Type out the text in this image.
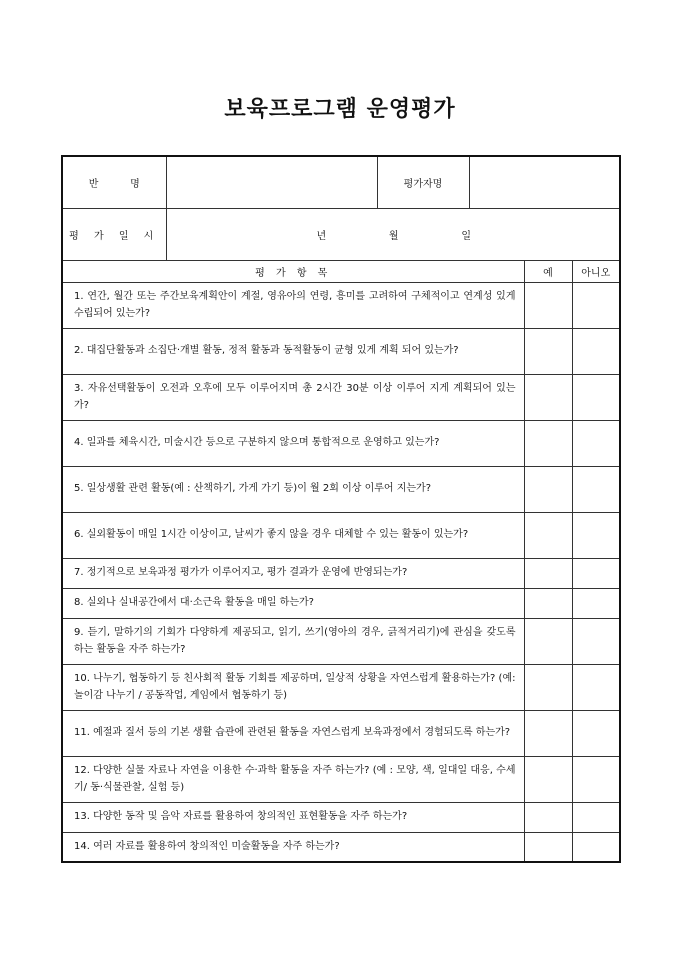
보육프로그램 운영평가
반          명		평가자명			
평 가 일 시	년 월 일				

평 가 항 목				예	아니오
1. 연간, 월간 또는 주간보육계획안이 계절, 영유아의 연령, 흥미를 고려하여 구체적이고 연계성 있게 수립되어 있는가?					
2. 대집단활동과 소집단·개별 활동, 정적 활동과 동적활동이 균형 있게 계획 되어 있는가?					
3. 자유선택활동이 오전과 오후에 모두 이루어지며 총 2시간 30분 이상 이루어 지게 계획되어 있는가?					
4. 일과를 체육시간, 미술시간 등으로 구분하지 않으며 통합적으로 운영하고 있는가?					
5. 일상생활 관련 활동(예 : 산책하기, 가게 가기 등)이 월 2회 이상 이루어 지는가?					
6. 실외활동이 매일 1시간 이상이고, 날씨가 좋지 않을 경우 대체할 수 있는 활동이 있는가?					
7. 정기적으로 보육과정 평가가 이루어지고, 평가 결과가 운영에 반영되는가?					
8. 실외나 실내공간에서 대·소근육 활동을 매일 하는가?					
9. 듣기, 말하기의 기회가 다양하게 제공되고, 읽기, 쓰기(영아의 경우, 긁적거리기)에 관심을 갖도록 하는 활동을 자주 하는가?					
10. 나누기, 협동하기 등 친사회적 활동 기회를 제공하며, 일상적 상황을 자연스럽게 활용하는가? (예: 놀이감 나누기 / 공동작업, 게임에서 협동하기 등)					
11. 예절과 질서 등의 기본 생활 습관에 관련된 활동을 자연스럽게 보육과정에서 경험되도록 하는가?					
12. 다양한 실물 자료나 자연을 이용한 수·과학 활동을 자주 하는가? (예 : 모양, 색, 일대일 대응, 수세기/ 동·식물관찰, 실험 등)					
13. 다양한 동작 및 음악 자료를 활용하여 창의적인 표현활동을 자주 하는가?					
14. 여러 자료를 활용하여 창의적인 미술활동을 자주 하는가?					
